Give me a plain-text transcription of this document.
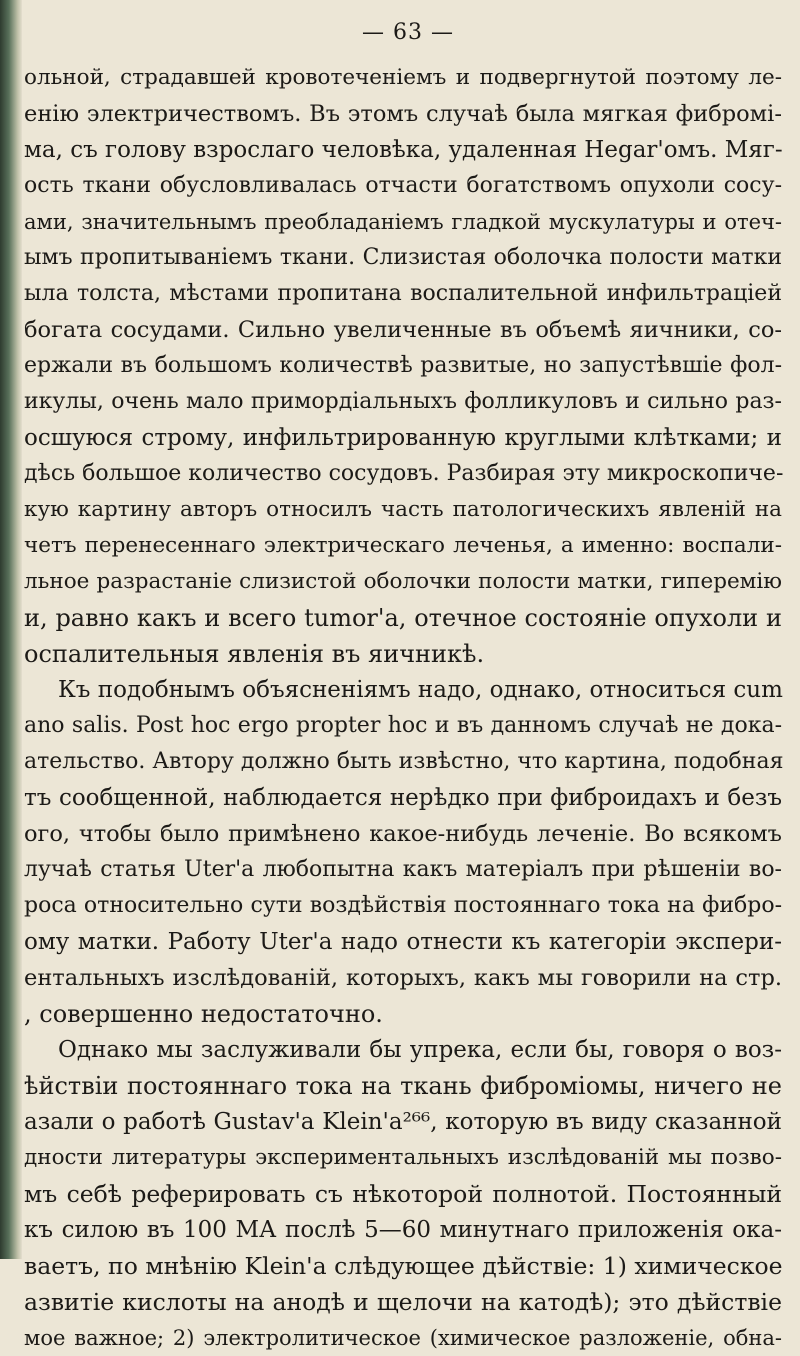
— 63 —
ольной, страдавшей кровотеченіемъ и подвергнутой поэтому ле-
енію электричествомъ. Въ этомъ случаѣ была мягкая фибромі-
ма, съ голову взрослаго человѣка, удаленная Hegar'омъ. Мяг-
ость ткани обусловливалась отчасти богатствомъ опухоли сосу-
ами, значительнымъ преобладаніемъ гладкой мускулатуры и отеч-
ымъ пропитываніемъ ткани. Слизистая оболочка полости матки
ыла толста, мѣстами пропитана воспалительной инфильтраціей
богата сосудами. Сильно увеличенные въ объемѣ яичники, со-
ержали въ большомъ количествѣ развитые, но запустѣвшіе фол-
икулы, очень мало примордіальныхъ фолликуловъ и сильно раз-
осшуюся строму, инфильтрированную круглыми клѣтками; и
дѣсь большое количество сосудовъ. Разбирая эту микроскопиче-
кую картину авторъ относилъ часть патологическихъ явленій на
четъ перенесеннаго электрическаго леченья, а именно: воспали-
льное разрастаніе слизистой оболочки полости матки, гиперемію
и, равно какъ и всего tumor'а, отечное состояніе опухоли и
оспалительныя явленія въ яичникѣ.
Къ подобнымъ объясненіямъ надо, однако, относиться cum
ano salis. Post hoc ergo propter hoc и въ данномъ случаѣ не дока-
ательство. Автору должно быть извѣстно, что картина, подобная
тъ сообщенной, наблюдается нерѣдко при фиброидахъ и безъ
ого, чтобы было примѣнено какое-нибудь леченіе. Во всякомъ
лучаѣ статья Uter'а любопытна какъ матеріалъ при рѣшеніи во-
роса относительно сути воздѣйствія постояннаго тока на фибро-
ому матки. Работу Uter'а надо отнести къ категоріи экспери-
ентальныхъ изслѣдованій, которыхъ, какъ мы говорили на стр.
, совершенно недостаточно.
Однако мы заслуживали бы упрека, если бы, говоря о воз-
ѣйствіи постояннаго тока на ткань фиброміомы, ничего не
азали о работѣ Gustav'а Klein'а²⁶⁶, которую въ виду сказанной
дности литературы экспериментальныхъ изслѣдованій мы позво-
мъ себѣ реферировать съ нѣкоторой полнотой. Постоянный
къ силою въ 100 МА послѣ 5—60 минутнаго приложенія ока-
ваетъ, по мнѣнію Klein'а слѣдующее дѣйствіе: 1) химическое
азвитіе кислоты на анодѣ и щелочи на катодѣ); это дѣйствіе
мое важное; 2) электролитическое (химическое разложеніе, обна-
